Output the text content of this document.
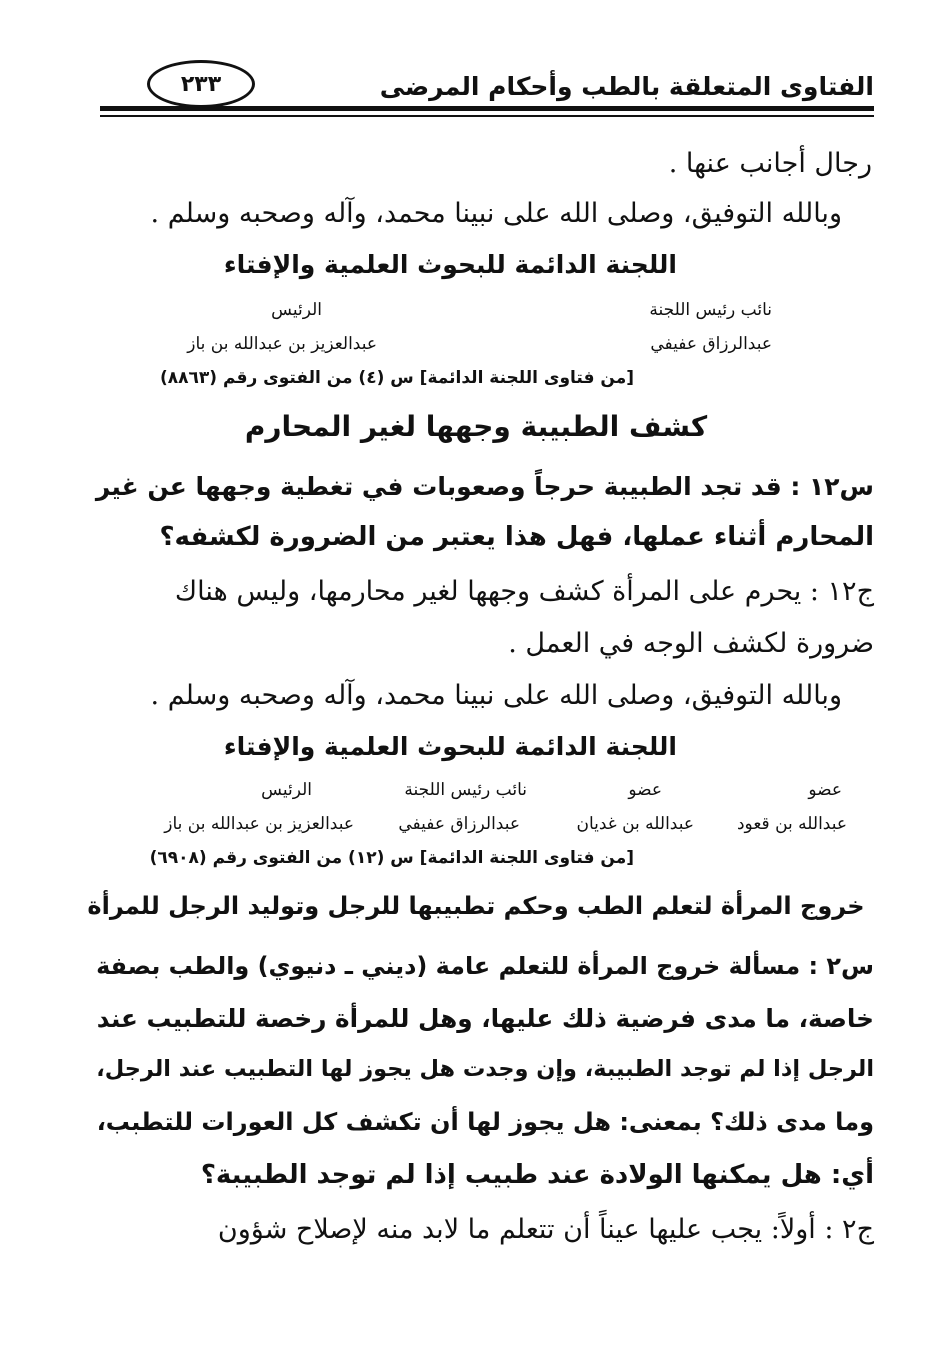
الفتاوى المتعلقة بالطب وأحكام المرضى
٢٣٣
رجال أجانب عنها .
وبالله التوفيق، وصلى الله على نبينا محمد، وآله وصحبه وسلم .
اللجنة الدائمة للبحوث العلمية والإفتاء
نائب رئيس اللجنة
الرئيس
عبدالرزاق عفيفي
عبدالعزيز بن عبدالله بن باز
[من فتاوى اللجنة الدائمة] س (٤) من الفتوى رقم (٨٨٦٣)
كشف الطبيبة وجهها لغير المحارم
س١٢ : قد تجد الطبيبة حرجاً وصعوبات في تغطية وجهها عن غير
المحارم أثناء عملها، فهل هذا يعتبر من الضرورة لكشفه؟
ج١٢ : يحرم على المرأة كشف وجهها لغير محارمها، وليس هناك
ضرورة لكشف الوجه في العمل .
وبالله التوفيق، وصلى الله على نبينا محمد، وآله وصحبه وسلم .
اللجنة الدائمة للبحوث العلمية والإفتاء
عضو
عضو
نائب رئيس اللجنة
الرئيس
عبدالله بن قعود
عبدالله بن غديان
عبدالرزاق عفيفي
عبدالعزيز بن عبدالله بن باز
[من فتاوى اللجنة الدائمة] س (١٢) من الفتوى رقم (٦٩٠٨)
خروج المرأة لتعلم الطب وحكم تطبيبها للرجل وتوليد الرجل للمرأة
س٢ : مسألة خروج المرأة للتعلم عامة (ديني ـ دنيوي) والطب بصفة
خاصة، ما مدى فرضية ذلك عليها، وهل للمرأة رخصة للتطبيب عند
الرجل إذا لم توجد الطبيبة، وإن وجدت هل يجوز لها التطبيب عند الرجل،
وما مدى ذلك؟ بمعنى: هل يجوز لها أن تكشف كل العورات للتطبب،
أي: هل يمكنها الولادة عند طبيب إذا لم توجد الطبيبة؟
ج٢ : أولاً: يجب عليها عيناً أن تتعلم ما لابد منه لإصلاح شؤون
